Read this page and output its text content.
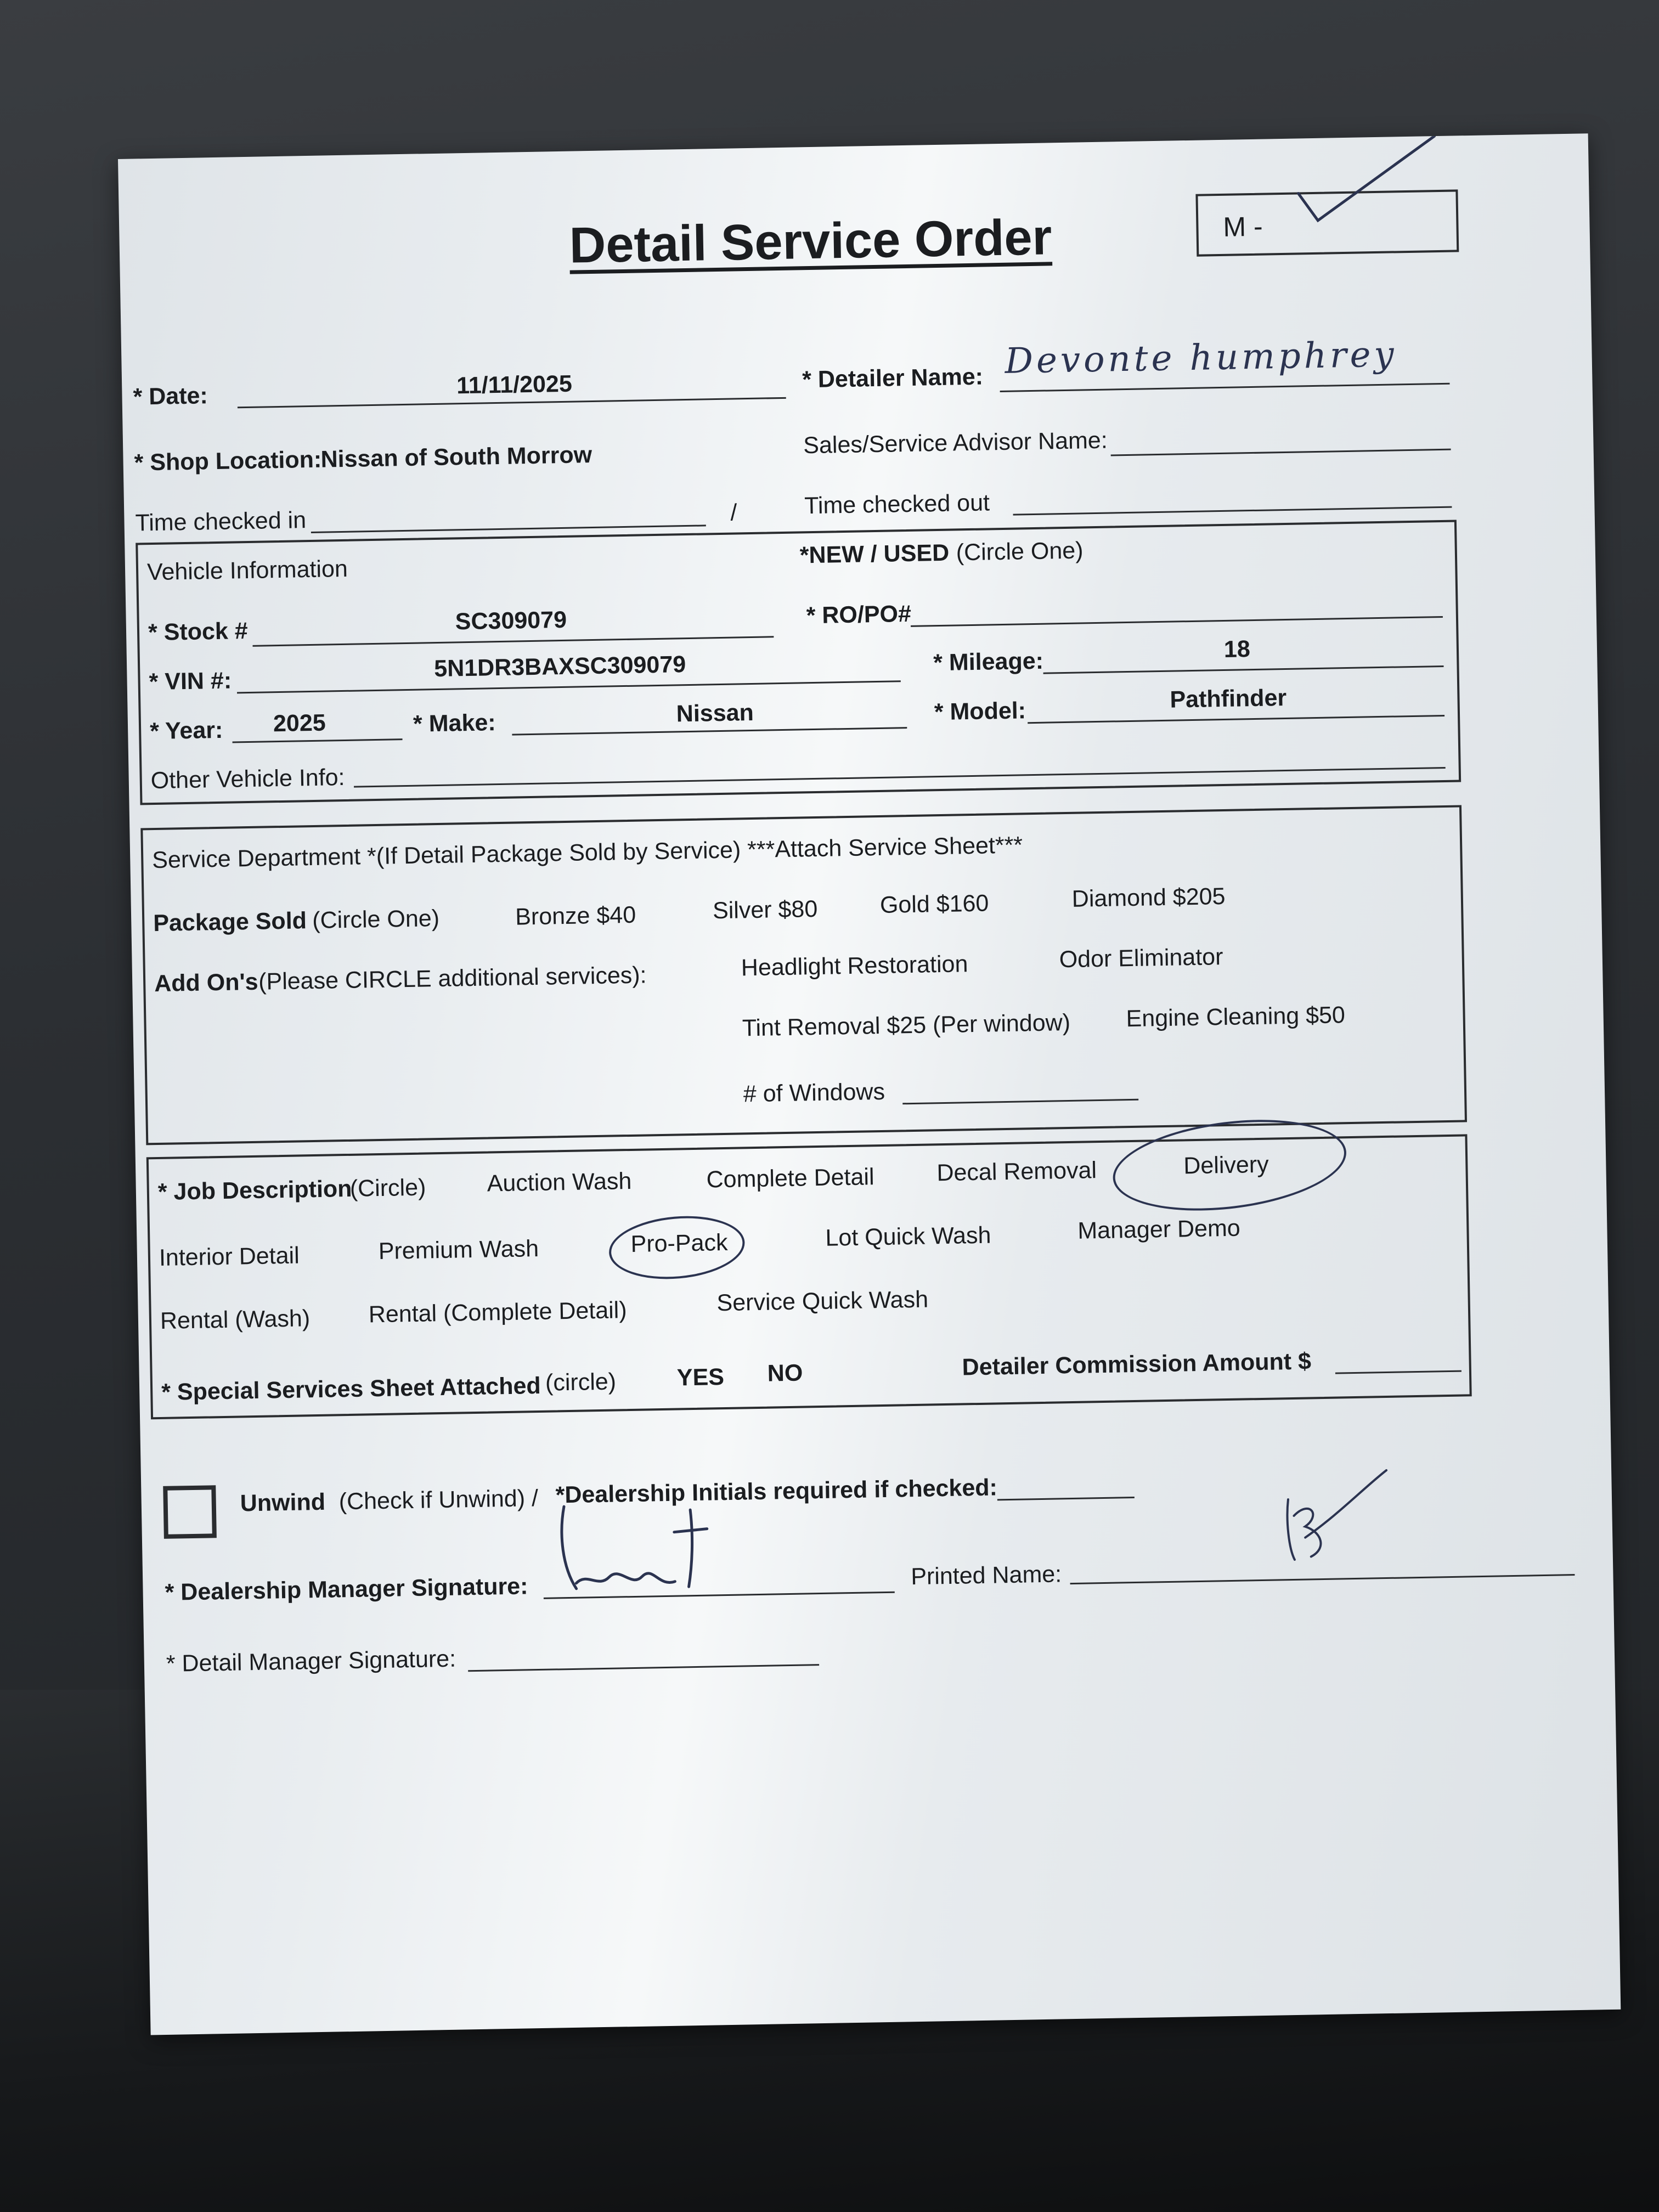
Detail Service Order	M -
* Date:	11/11/2025	* Detailer Name: Devonte humphrey
* Shop Location:
Nissan of South Morrow	Sales/Service Advisor Name:
Time checked in	/	Time checked out
Vehicle Information
*NEW / USED (Circle One)
* Stock #	SC309079	* RO/PO#
* VIN #:	5N1DR3BAXSC309079	* Mileage:	18
* Year: 2025	* Make:	Nissan	* Model:	Pathfinder
Other Vehicle Info:
Service Department *(If Detail Package Sold by Service) ***Attach Service Sheet***
Package Sold (Circle One)	Bronze $40	Silver $80	Gold $160	Diamond $205
Add On's (Please CIRCLE additional services):	Headlight Restoration	Odor Eliminator
Tint Removal $25 (Per window) Engine Cleaning $50
# of Windows
* Job Description
(Circle)	Auction Wash	Complete Detail	Decal Removal	Delivery
Interior Detail	Premium Wash	Pro-Pack	Lot Quick Wash	Manager Demo
Rental (Wash) Rental (Complete Detail)	Service Quick Wash
* Special Services Sheet Attached (circle)	YES NO	Detailer Commission Amount $
Unwind (Check if Unwind) / *Dealership Initials required if checked:
* Dealership Manager Signature:	Printed Name:
* Detail Manager Signature:
